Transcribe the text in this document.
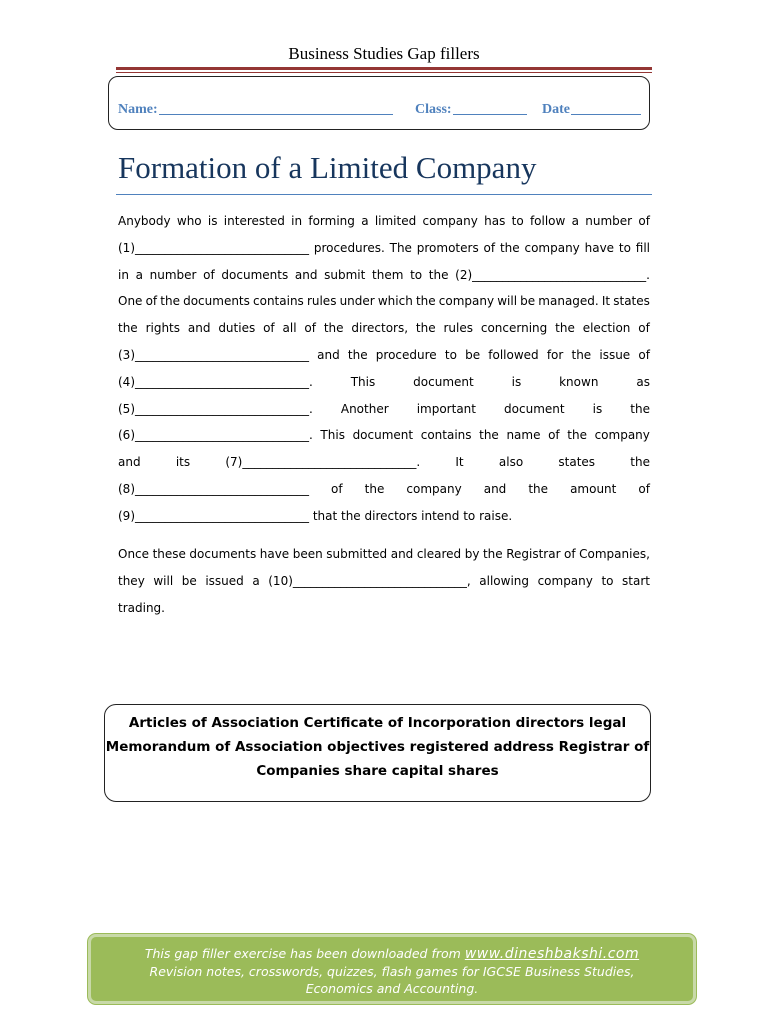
Business Studies Gap fillers
Name:	Class:	Date
Formation of a Limited Company
Anybody who is interested in forming a limited company has to follow a number of
(1)_____________________________ procedures. The promoters of the company have to fill
in a number of documents and submit them to the (2)_____________________________.
One of the documents contains rules under which the company will be managed. It states
the rights and duties of all of the directors, the rules concerning the election of
(3)_____________________________ and the procedure to be followed for the issue of
(4)_____________________________.	This	document	is	known	as
(5)_____________________________. Another important document is the
(6)_____________________________. This document contains the name of the company
and	its	(7)_____________________________.	It	also	states	the
(8)_____________________________ of the company and the amount of
(9)_____________________________ that the directors intend to raise.
Once these documents have been submitted and cleared by the Registrar of Companies,
they will be issued a (10)_____________________________, allowing company to start
trading.
Articles of Association Certificate of Incorporation directors legal
Memorandum of Association objectives registered address Registrar of
Companies share capital shares
This gap filler exercise has been downloaded from www.dineshbakshi.com
Revision notes, crosswords, quizzes, flash games for IGCSE Business Studies,
Economics and Accounting.
